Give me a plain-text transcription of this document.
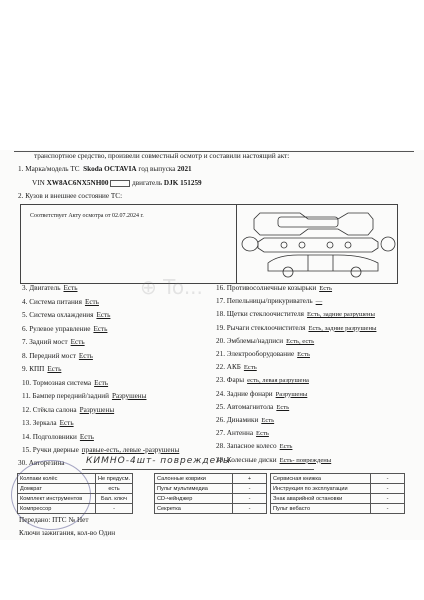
транспортное средство, произвели совместный осмотр и составили настоящий акт:
1. Марка/модель ТС Skoda OCTAVIA год выпуска 2021
VIN XW8AC6NX5NH00	двигатель DJK 151259
2. Кузов и внешнее состояние ТС:
Соответствует Акту осмотра от 02.07.2024 г.
⊕ To...
3. Двигатель Есть
4. Система питания Есть
5. Система охлаждения Есть
6. Рулевое управление Есть
7. Задний мост Есть
8. Передний мост Есть
9. КПП Есть
10. Тормозная система Есть
11. Бампер передний/задний Разрушены
12. Стёкла салона Разрушены
13. Зеркала Есть
14. Подголовники Есть
15. Ручки дверные правые-есть, левые -разрушены
16. Противосолнечные козырьки Есть
17. Пепельницы/прикуриватель —
18. Щетки стеклоочистителя Есть, задние разрушены
19. Рычаги стеклоочистителя Есть, задние разрушены
20. Эмблемы/надписи Есть, есть
21. Электрооборудование Есть
22. АКБ Есть
23. Фары есть, левая разрушена
24. Задние фонари Разрушены
25. Автомагнитола Есть
26. Динамики Есть
27. Антенна Есть
28. Запасное колесо Есть
29. Колесные диски Есть- повреждены
30. Авторезина КИМНО-4шт- повреждены
Колпаки колёс	Не предусм.
Домкрат	есть
Комплект инструментов	Бал. ключ
Компрессор	-
Салонные коврики	+
Пульт мультимедиа	-
CD-чейнджер	-
Секретка	-
Сервисная книжка	-
Инструкция по эксплуатации	-
Знак аварийной остановки	-
Пульт вебасто	-
Передано: ПТС № Нет
Ключи зажигания, кол-во Один
